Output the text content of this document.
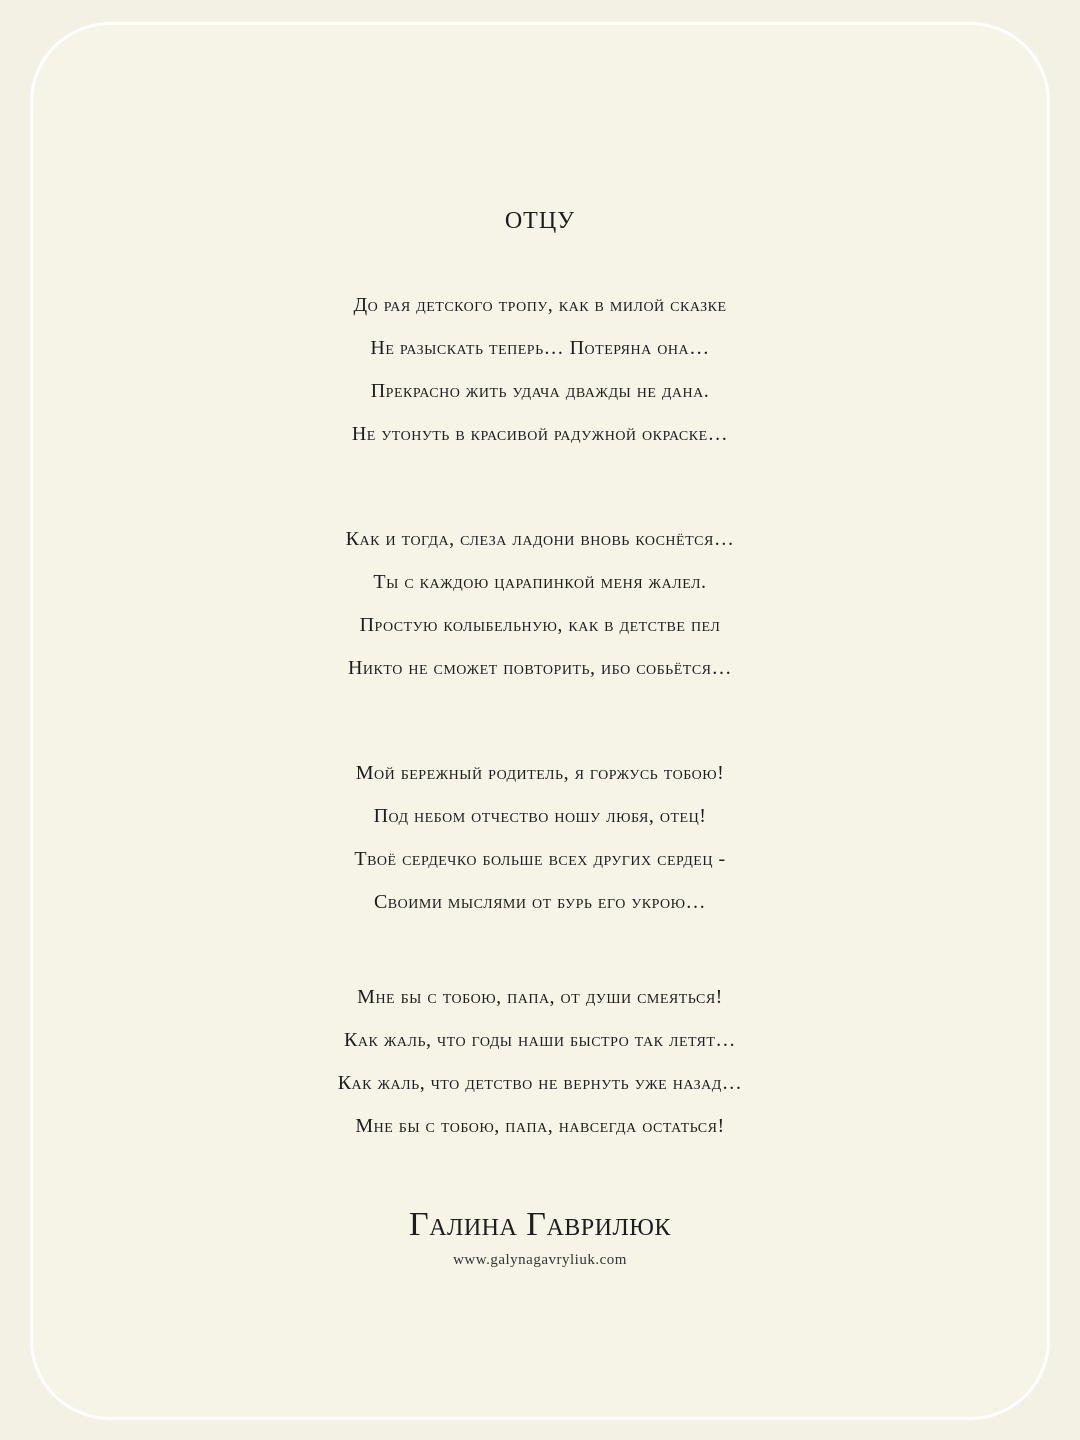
отцу
До рая детского тропу, как в милой сказке
Не разыскать теперь… Потеряна она…
Прекрасно жить удача дважды не дана.
Не утонуть в красивой радужной окраске…
Как и тогда, слеза ладони вновь коснётся…
Ты с каждою царапинкой меня жалел.
Простую колыбельную, как в детстве пел
Никто не сможет повторить, ибо собьётся…
Мой бережный родитель, я горжусь тобою!
Под небом отчество ношу любя, отец!
Твоё сердечко больше всех других сердец -
Своими мыслями от бурь его укрою…
Мне бы с тобою, папа, от души смеяться!
Как жаль, что годы наши быстро так летят…
Как жаль, что детство не вернуть уже назад…
Мне бы с тобою, папа, навсегда остаться!
Галина Гаврилюк
www.galynagavryliuk.com
